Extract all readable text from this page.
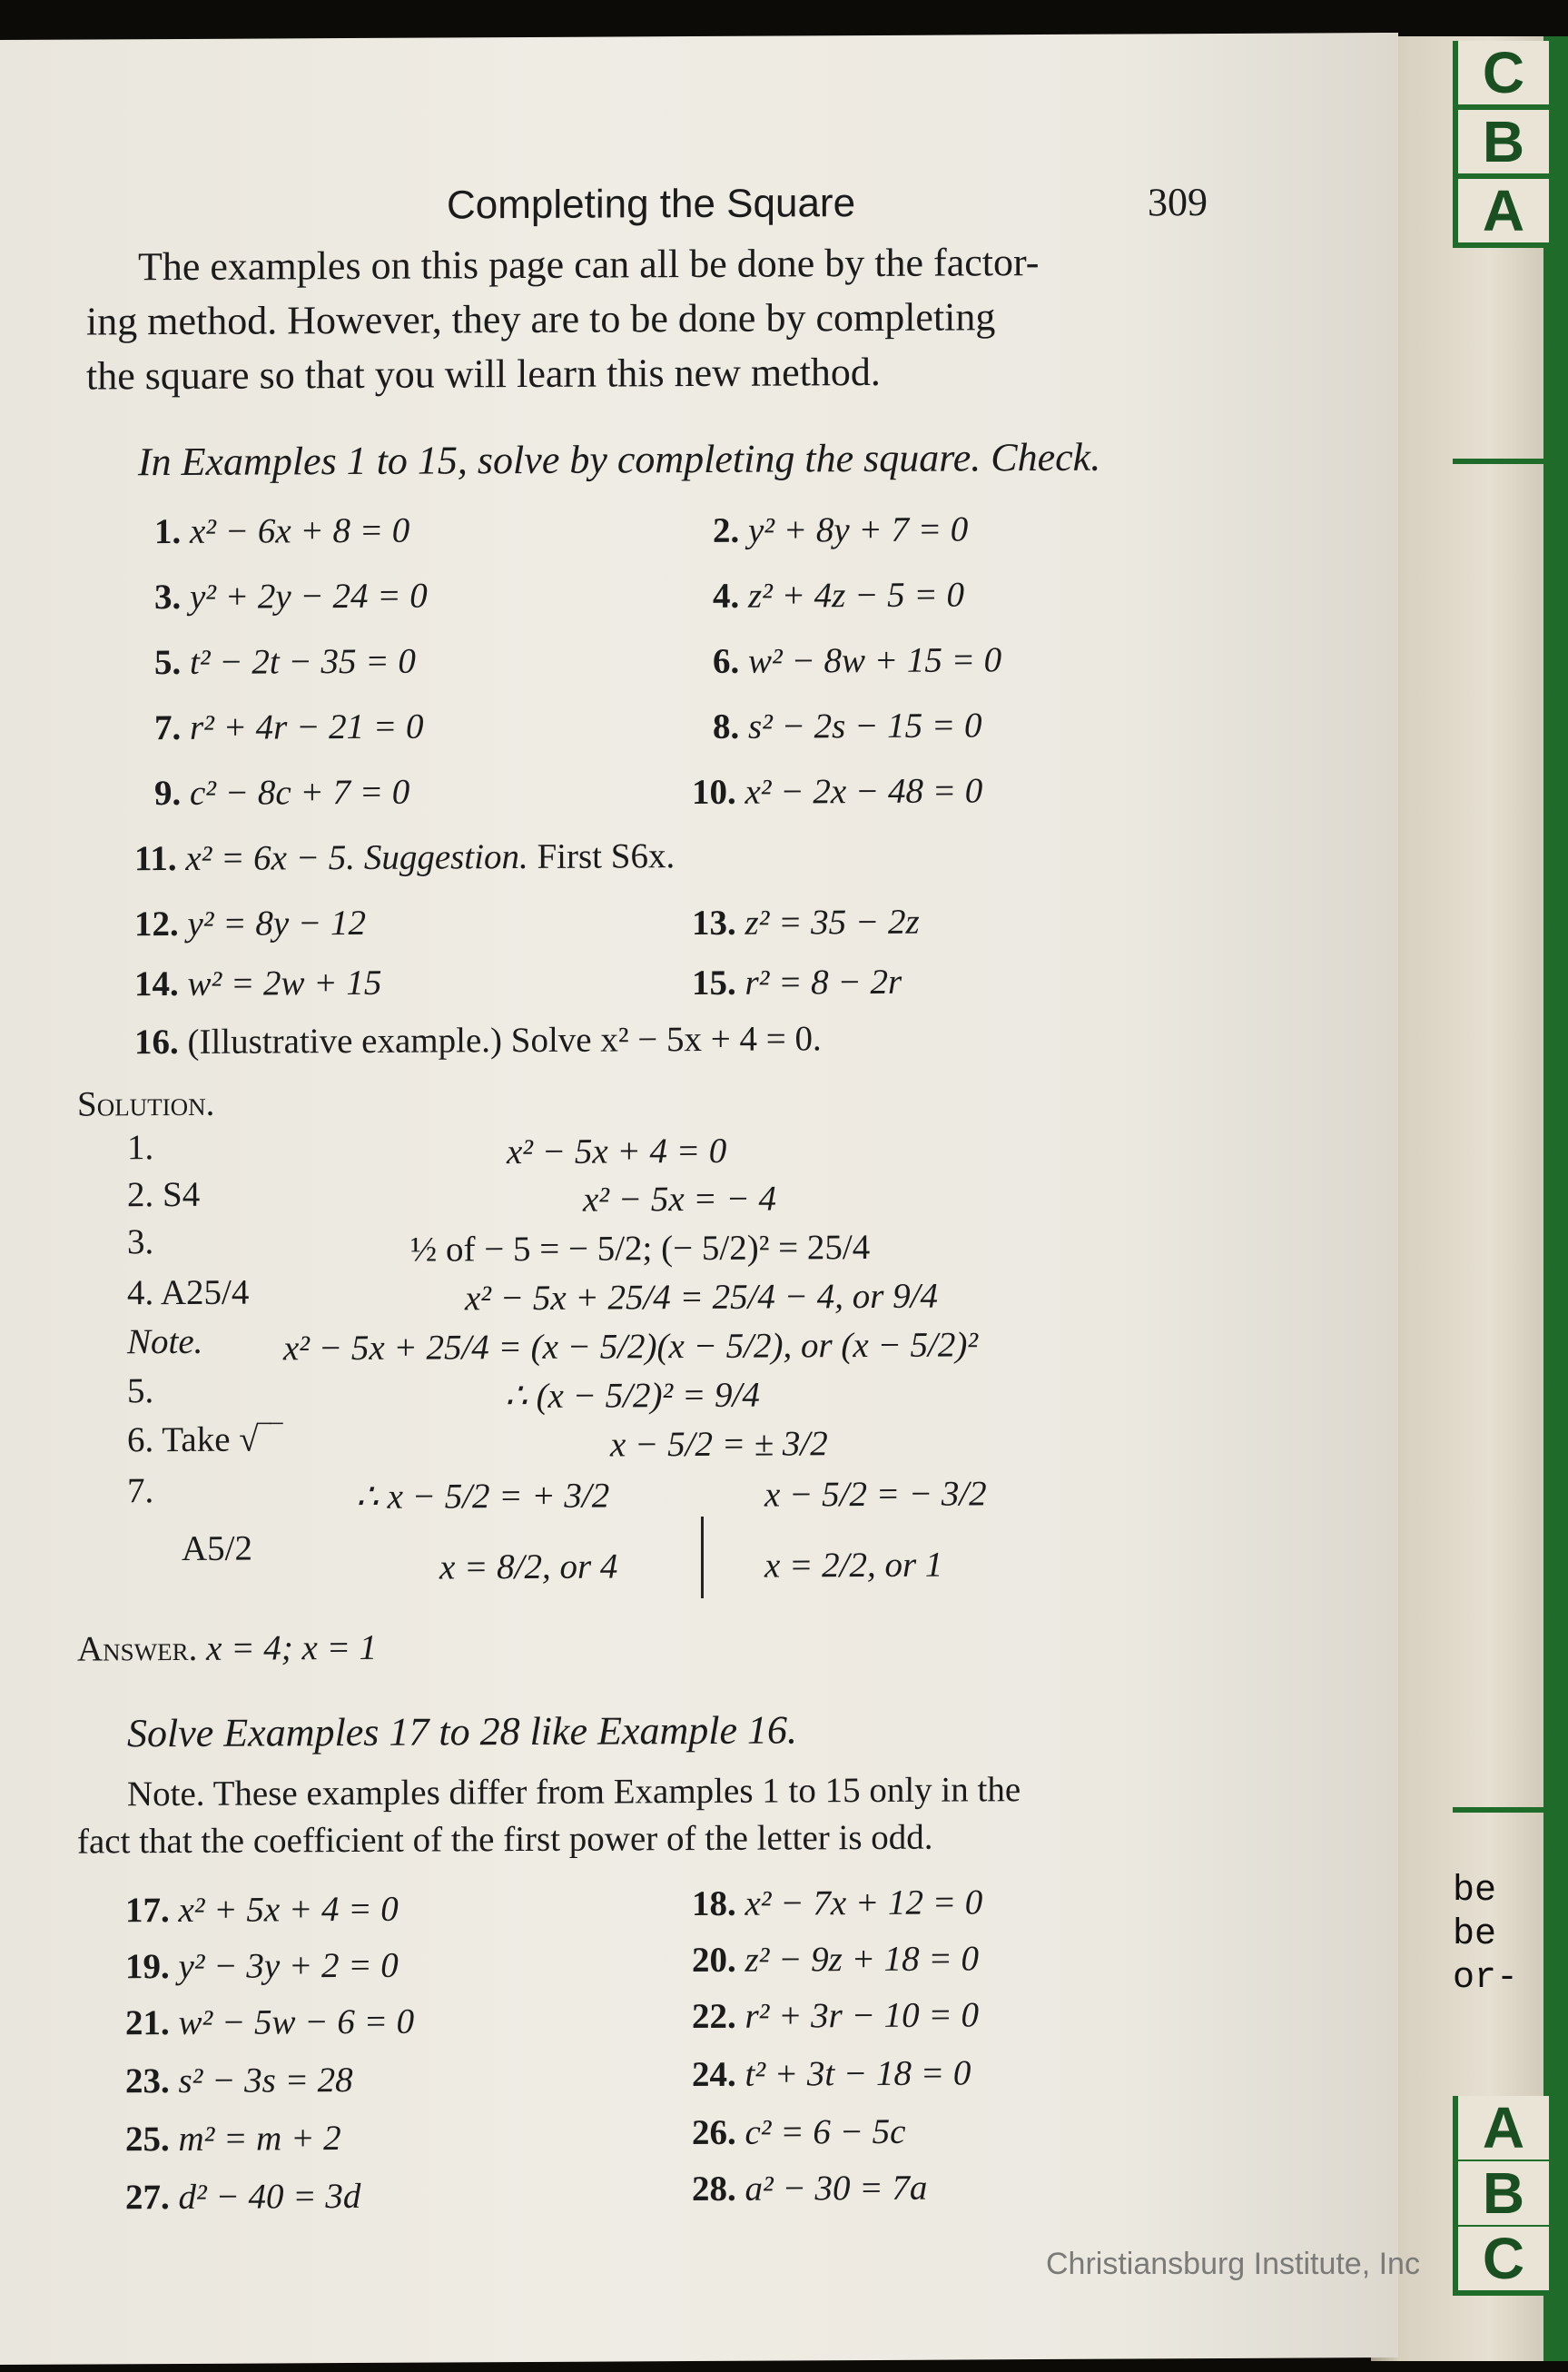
C
B
A
be
be
or-
A
B
C
Completing the Square	309
The examples on this page can all be done by the factor-
ing method. However, they are to be done by completing
the square so that you will learn this new method.
In Examples 1 to 15, solve by completing the square. Check.
1. x² − 6x + 8 = 0	2. y² + 8y + 7 = 0
3. y² + 2y − 24 = 0	4. z² + 4z − 5 = 0
5. t² − 2t − 35 = 0	6. w² − 8w + 15 = 0
7. r² + 4r − 21 = 0	8. s² − 2s − 15 = 0
9. c² − 8c + 7 = 0	10. x² − 2x − 48 = 0
11. x² = 6x − 5. Suggestion. First S6x.
12. y² = 8y − 12	13. z² = 35 − 2z
14. w² = 2w + 15	15. r² = 8 − 2r
16. (Illustrative example.) Solve x² − 5x + 4 = 0.
Solution.
1.	x² − 5x + 4 = 0
2. S4	x² − 5x = − 4
3.	½ of − 5 = − 5/2; (− 5/2)² = 25/4
4. A25/4	x² − 5x + 25/4 = 25/4 − 4, or 9/4
Note. x² − 5x + 25/4 = (x − 5/2)(x − 5/2), or (x − 5/2)²
5.	∴ (x − 5/2)² = 9/4
6. Take √‾‾	x − 5/2 = ± 3/2
7.	∴ x − 5/2 = + 3/2	x − 5/2 = − 3/2
A5/2	x = 8/2, or 4	x = 2/2, or 1
Answer. x = 4; x = 1
Solve Examples 17 to 28 like Example 16.
Note. These examples differ from Examples 1 to 15 only in the
fact that the coefficient of the first power of the letter is odd.
17. x² + 5x + 4 = 0	18. x² − 7x + 12 = 0
19. y² − 3y + 2 = 0	20. z² − 9z + 18 = 0
21. w² − 5w − 6 = 0	22. r² + 3r − 10 = 0
23. s² − 3s = 28	24. t² + 3t − 18 = 0
25. m² = m + 2	26. c² = 6 − 5c
27. d² − 40 = 3d	28. a² − 30 = 7a
Christiansburg Institute, Inc
